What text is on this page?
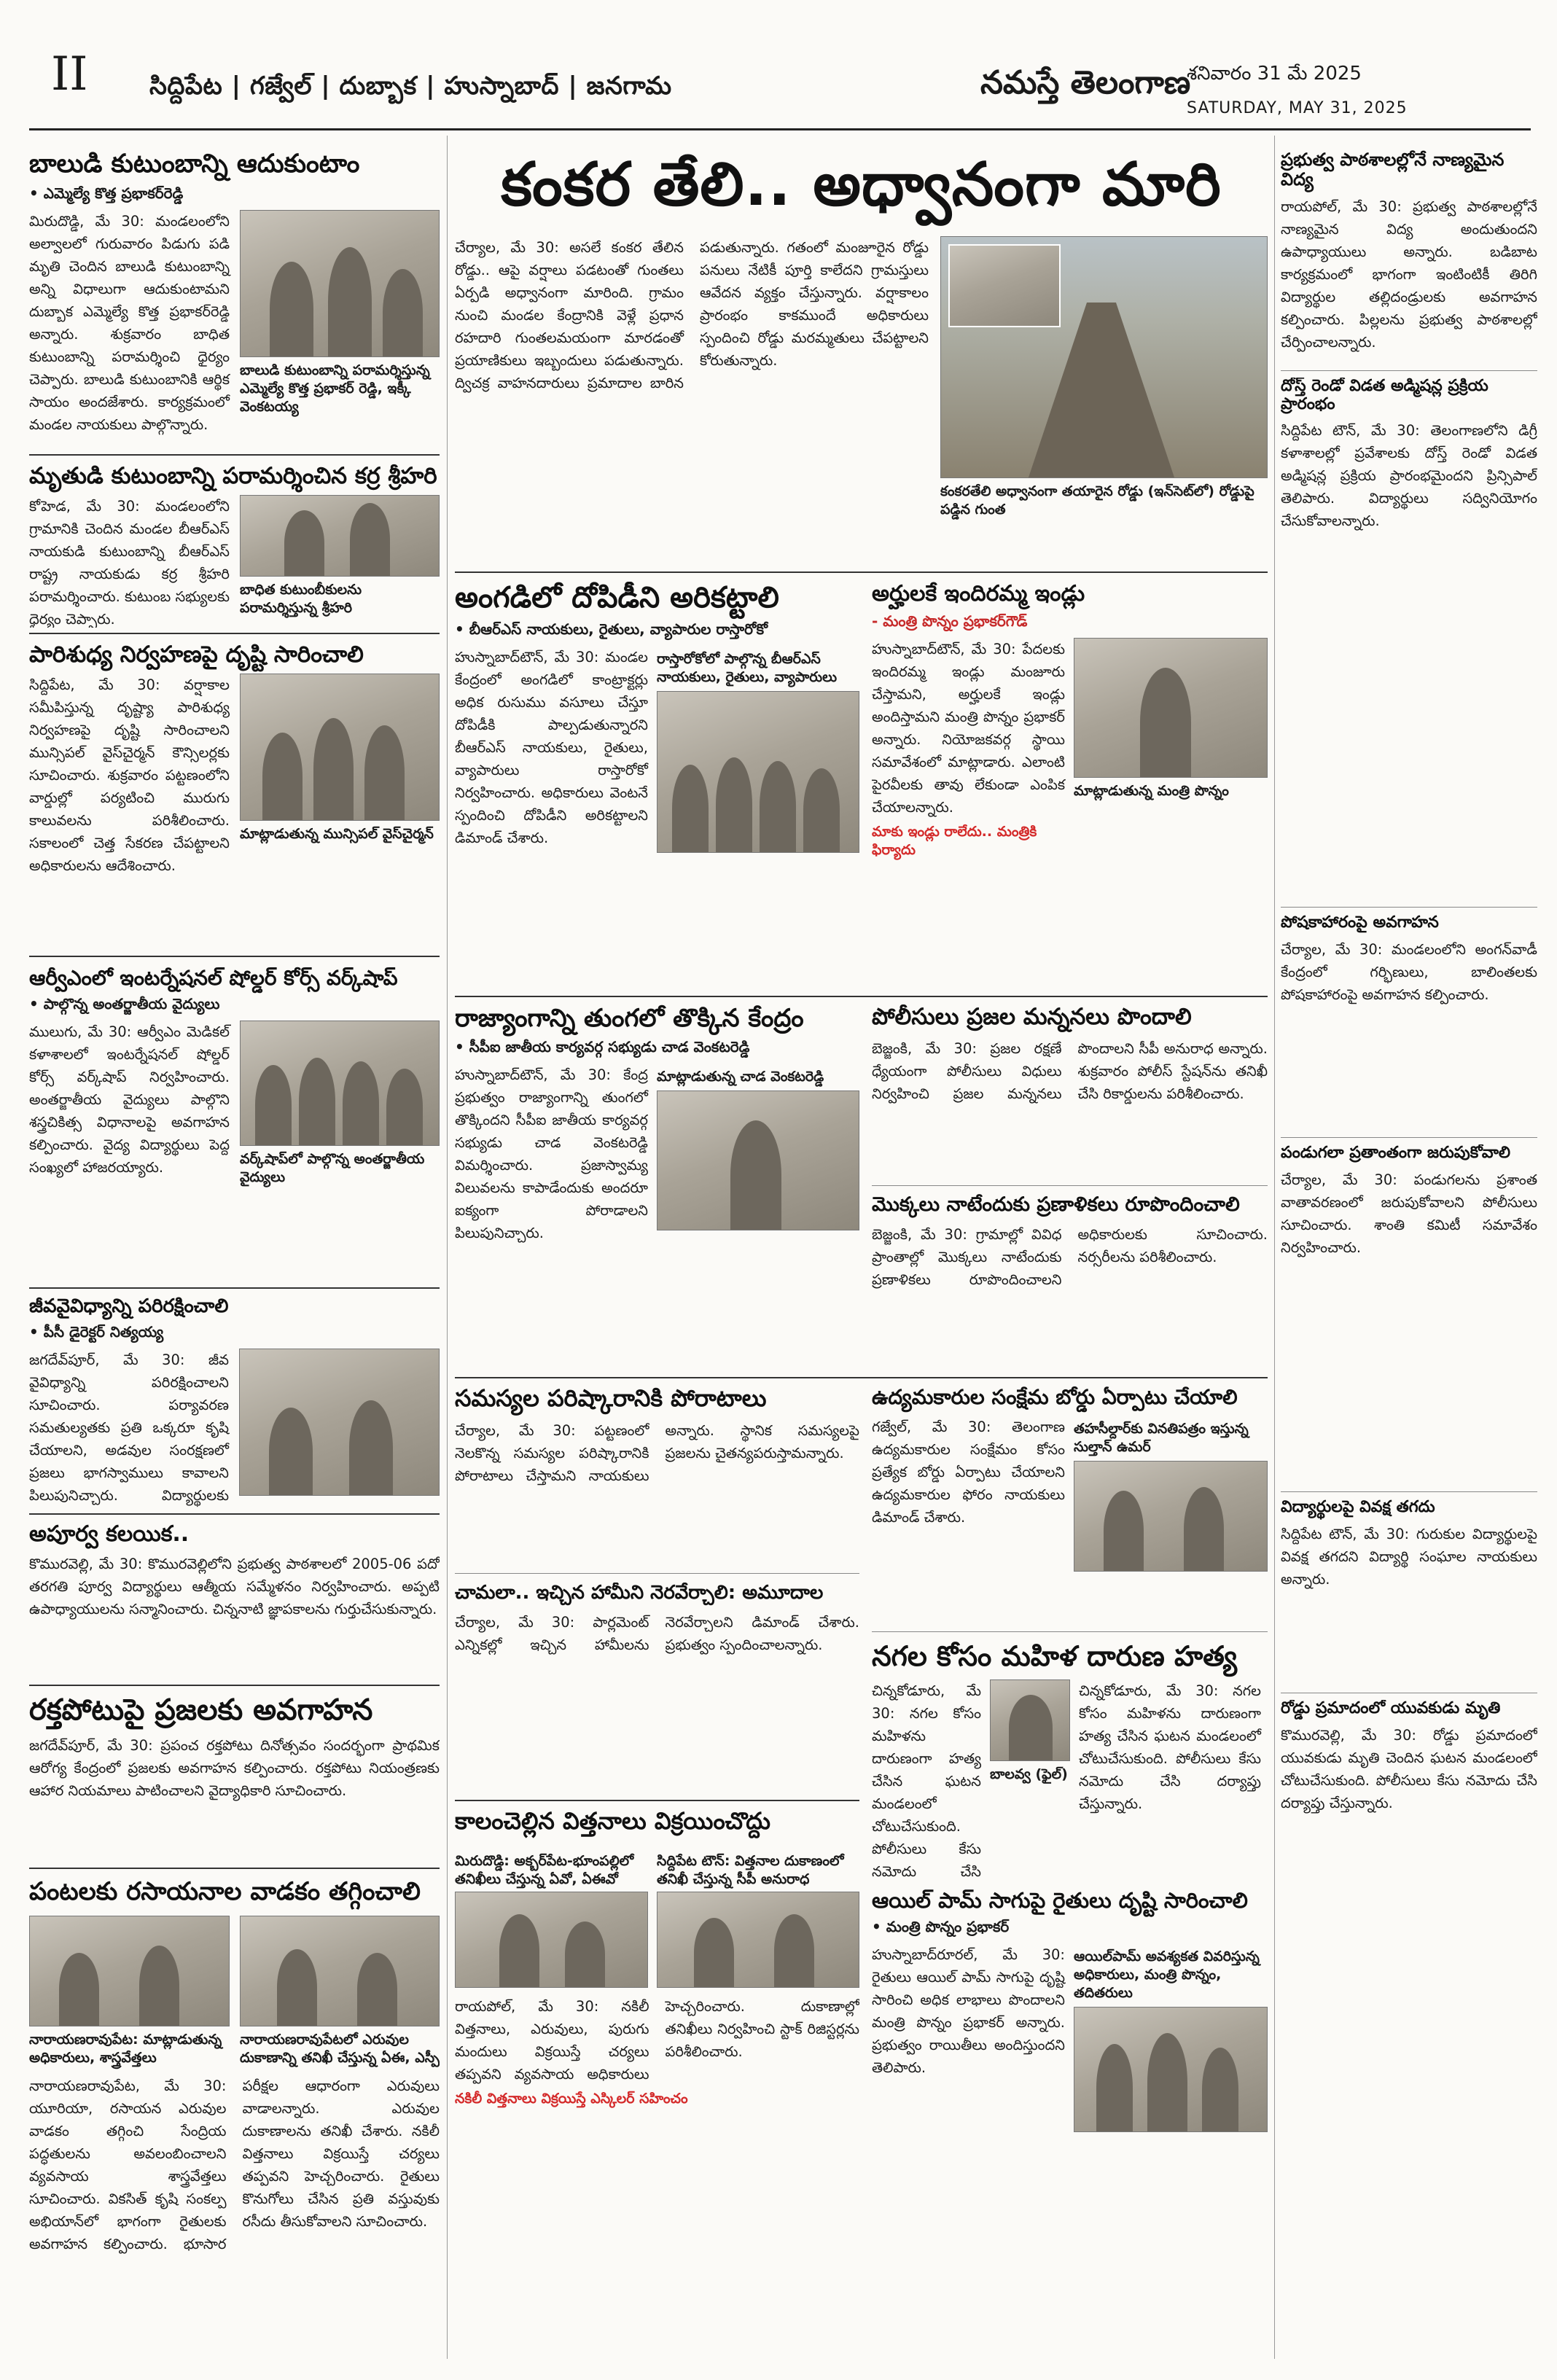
II సిద్దిపేట | గజ్వేల్ | దుబ్బాక | హుస్నాబాద్ | జనగామ	నమస్తే తెలంగాణ
శనివారం 31 మే 2025
SATURDAY, MAY 31, 2025
బాలుడి కుటుంబాన్ని ఆదుకుంటాం
• ఎమ్మెల్యే కొత్త ప్రభాకర్‌రెడ్డి

మిరుదొడ్డి, మే 30: మండలంలోని అల్వాలలో గురువారం పిడుగు పడి మృతి చెందిన బాలుడి కుటుంబాన్ని అన్ని విధాలుగా ఆదుకుంటామని దుబ్బాక ఎమ్మెల్యే కొత్త ప్రభాకర్‌రెడ్డి అన్నారు. శుక్రవారం బాధిత కుటుంబాన్ని పరామర్శించి ధైర్యం చెప్పారు. బాలుడి కుటుంబానికి ఆర్థిక సాయం అందజేశారు. కార్యక్రమంలో మండల నాయకులు పాల్గొన్నారు.

బాలుడి కుటుంబాన్ని పరామర్శిస్తున్న ఎమ్మెల్యే కొత్త ప్రభాకర్ రెడ్డి, ఇక్కీ వెంకటయ్య
మృతుడి కుటుంబాన్ని పరామర్శించిన కర్ర శ్రీహరి

కోహెడ, మే 30: మండలంలోని గ్రామానికి చెందిన మండల బీఆర్‌ఎస్ నాయకుడి కుటుంబాన్ని బీఆర్‌ఎస్ రాష్ట్ర నాయకుడు కర్ర శ్రీహరి పరామర్శించారు. కుటుంబ సభ్యులకు ధైర్యం చెప్పారు.

బాధిత కుటుంబీకులను పరామర్శిస్తున్న శ్రీహరి
పారిశుధ్య నిర్వహణపై దృష్టి సారించాలి

సిద్దిపేట, మే 30: వర్షాకాల సమీపిస్తున్న దృష్ట్యా పారిశుధ్య నిర్వహణపై దృష్టి సారించాలని మున్సిపల్ వైస్‌చైర్మన్ కౌన్సిలర్లకు సూచించారు. శుక్రవారం పట్టణంలోని వార్డుల్లో పర్యటించి మురుగు కాలువలను పరిశీలించారు. సకాలంలో చెత్త సేకరణ చేపట్టాలని అధికారులను ఆదేశించారు.

మాట్లాడుతున్న మున్సిపల్ వైస్‌చైర్మన్
ఆర్వీఎంలో ఇంటర్నేషనల్ షోల్డర్ కోర్స్ వర్క్‌షాప్
• పాల్గొన్న అంతర్జాతీయ వైద్యులు

ములుగు, మే 30: ఆర్వీఎం మెడికల్ కళాశాలలో ఇంటర్నేషనల్ షోల్డర్ కోర్స్ వర్క్‌షాప్ నిర్వహించారు. అంతర్జాతీయ వైద్యులు పాల్గొని శస్త్రచికిత్స విధానాలపై అవగాహన కల్పించారు. వైద్య విద్యార్థులు పెద్ద సంఖ్యలో హాజరయ్యారు.	వర్క్‌షాప్‌లో పాల్గొన్న అంతర్జాతీయ వైద్యులు
జీవవైవిధ్యాన్ని పరిరక్షించాలి
• పీసీ డైరెక్టర్ నిత్యయ్య

జగదేవ్‌పూర్, మే 30: జీవ వైవిధ్యాన్ని పరిరక్షించాలని సూచించారు. పర్యావరణ సమతుల్యతకు ప్రతి ఒక్కరూ కృషి చేయాలని, అడవుల సంరక్షణలో ప్రజలు భాగస్వాములు కావాలని పిలుపునిచ్చారు. విద్యార్థులకు

అపూర్వ కలయిక..

కొమురవెల్లి, మే 30: కొమురవెల్లిలోని ప్రభుత్వ పాఠశాలలో 2005-06 పదో తరగతి పూర్వ విద్యార్థులు ఆత్మీయ సమ్మేళనం నిర్వహించారు. అప్పటి ఉపాధ్యాయులను సన్మానించారు. చిన్ననాటి జ్ఞాపకాలను గుర్తుచేసుకున్నారు.

రక్తపోటుపై ప్రజలకు అవగాహన

జగదేవ్‌పూర్, మే 30: ప్రపంచ రక్తపోటు దినోత్సవం సందర్భంగా ప్రాథమిక ఆరోగ్య కేంద్రంలో ప్రజలకు అవగాహన కల్పించారు. రక్తపోటు నియంత్రణకు ఆహార నియమాలు పాటించాలని వైద్యాధికారి సూచించారు.

పంటలకు రసాయనాల వాడకం తగ్గించాలి
నారాయణరావుపేట: మాట్లాడుతున్న అధికారులు, శాస్త్రవేత్తలు
నారాయణరావుపేటలో ఎరువుల దుకాణాన్ని తనిఖీ చేస్తున్న ఏఈ, ఎస్పీ

నారాయణరావుపేట, మే 30: యూరియా, రసాయన ఎరువుల వాడకం తగ్గించి సేంద్రియ పద్ధతులను అవలంబించాలని వ్యవసాయ శాస్త్రవేత్తలు సూచించారు. వికసిత్ కృషి సంకల్ప అభియాన్‌లో భాగంగా రైతులకు అవగాహన కల్పించారు. భూసార పరీక్షల ఆధారంగా ఎరువులు వాడాలన్నారు. ఎరువుల దుకాణాలను తనిఖీ చేశారు. నకిలీ విత్తనాలు విక్రయిస్తే చర్యలు తప్పవని హెచ్చరించారు. రైతులు కొనుగోలు చేసిన ప్రతి వస్తువుకు రసీదు తీసుకోవాలని సూచించారు.

కంకర తేలి.. అధ్వానంగా మారి

చేర్యాల, మే 30: అసలే కంకర తేలిన రోడ్డు.. ఆపై వర్షాలు పడటంతో గుంతలు ఏర్పడి అధ్వానంగా మారింది. గ్రామం నుంచి మండల కేంద్రానికి వెళ్లే ప్రధాన రహదారి గుంతలమయంగా మారడంతో ప్రయాణికులు ఇబ్బందులు పడుతున్నారు. ద్విచక్ర వాహనదారులు ప్రమాదాల బారిన పడుతున్నారు. గతంలో మంజూరైన రోడ్డు పనులు నేటికీ పూర్తి కాలేదని గ్రామస్తులు ఆవేదన వ్యక్తం చేస్తున్నారు. వర్షాకాలం ప్రారంభం కాకముందే అధికారులు స్పందించి రోడ్డు మరమ్మతులు చేపట్టాలని కోరుతున్నారు.

కంకరతేలి అధ్వానంగా తయారైన రోడ్డు (ఇన్‌సెట్‌లో) రోడ్డుపై పడ్డిన గుంత
అంగడిలో దోపిడీని అరికట్టాలి
• బీఆర్‌ఎస్ నాయకులు, రైతులు, వ్యాపారుల రాస్తారోకో

హుస్నాబాద్‌టౌన్, మే 30: మండల కేంద్రంలో అంగడిలో కాంట్రాక్టర్లు అధిక రుసుము వసూలు చేస్తూ దోపిడీకి పాల్పడుతున్నారని బీఆర్‌ఎస్ నాయకులు, రైతులు, వ్యాపారులు రాస్తారోకో నిర్వహించారు. అధికారులు వెంటనే స్పందించి దోపిడీని అరికట్టాలని డిమాండ్ చేశారు.

రాస్తారోకోలో పాల్గొన్న బీఆర్‌ఎస్ నాయకులు, రైతులు, వ్యాపారులు
అర్హులకే ఇందిరమ్మ ఇండ్లు
- మంత్రి పొన్నం ప్రభాకర్‌గౌడ్

హుస్నాబాద్‌టౌన్, మే 30: పేదలకు ఇందిరమ్మ ఇండ్లు మంజూరు చేస్తామని, అర్హులకే ఇండ్లు అందిస్తామని మంత్రి పొన్నం ప్రభాకర్ అన్నారు. నియోజకవర్గ స్థాయి సమావేశంలో మాట్లాడారు. ఎలాంటి పైరవీలకు తావు లేకుండా ఎంపిక చేయాలన్నారు.

మాకు ఇండ్లు రాలేదు.. మంత్రికి ఫిర్యాదు
మాట్లాడుతున్న మంత్రి పొన్నం
రాజ్యాంగాన్ని తుంగలో తొక్కిన కేంద్రం
• సీపీఐ జాతీయ కార్యవర్గ సభ్యుడు చాడ వెంకటరెడ్డి

హుస్నాబాద్‌టౌన్, మే 30: కేంద్ర ప్రభుత్వం రాజ్యాంగాన్ని తుంగలో తొక్కిందని సీపీఐ జాతీయ కార్యవర్గ సభ్యుడు చాడ వెంకటరెడ్డి విమర్శించారు. ప్రజాస్వామ్య విలువలను కాపాడేందుకు అందరూ ఐక్యంగా పోరాడాలని పిలుపునిచ్చారు.

మాట్లాడుతున్న చాడ వెంకటరెడ్డి
పోలీసులు ప్రజల మన్ననలు పొందాలి

బెజ్జంకి, మే 30: ప్రజల రక్షణే ధ్యేయంగా పోలీసులు విధులు నిర్వహించి ప్రజల మన్ననలు పొందాలని సీపీ అనురాధ అన్నారు. శుక్రవారం పోలీస్ స్టేషన్‌ను తనిఖీ చేసి రికార్డులను పరిశీలించారు.

మొక్కలు నాటేందుకు ప్రణాళికలు రూపొందించాలి

బెజ్జంకి, మే 30: గ్రామాల్లో వివిధ ప్రాంతాల్లో మొక్కలు నాటేందుకు ప్రణాళికలు రూపొందించాలని అధికారులకు సూచించారు. నర్సరీలను పరిశీలించారు.

సమస్యల పరిష్కారానికి పోరాటాలు

చేర్యాల, మే 30: పట్టణంలో నెలకొన్న సమస్యల పరిష్కారానికి పోరాటాలు చేస్తామని నాయకులు అన్నారు. స్థానిక సమస్యలపై ప్రజలను చైతన్యపరుస్తామన్నారు.

ఉద్యమకారుల సంక్షేమ బోర్డు ఏర్పాటు చేయాలి

గజ్వేల్, మే 30: తెలంగాణ ఉద్యమకారుల సంక్షేమం కోసం ప్రత్యేక బోర్డు ఏర్పాటు చేయాలని ఉద్యమకారుల ఫోరం నాయకులు డిమాండ్ చేశారు.

తహసీల్దార్‌కు వినతిపత్రం ఇస్తున్న సుల్తాన్ ఉమర్
చామలా.. ఇచ్చిన హామీని నెరవేర్చాలి: అమూదాల

చేర్యాల, మే 30: పార్లమెంట్ ఎన్నికల్లో ఇచ్చిన హామీలను నెరవేర్చాలని డిమాండ్ చేశారు. ప్రభుత్వం స్పందించాలన్నారు.	నగల కోసం మహిళ దారుణ హత్య

చిన్నకోడూరు, మే 30: నగల కోసం మహిళను దారుణంగా హత్య చేసిన ఘటన మండలంలో చోటుచేసుకుంది. పోలీసులు కేసు నమోదు చేసి

బాలవ్వ (ఫైల్)

చిన్నకోడూరు, మే 30: నగల కోసం మహిళను దారుణంగా హత్య చేసిన ఘటన మండలంలో చోటుచేసుకుంది. పోలీసులు కేసు నమోదు చేసి దర్యాప్తు చేస్తున్నారు.

కాలంచెల్లిన విత్తనాలు విక్రయించొద్దు
మిరుదొడ్డి: అక్బర్‌పేట-భూంపల్లిలో తనిఖీలు చేస్తున్న ఏవో, ఏఈవో
సిద్దిపేట టౌన్: విత్తనాల దుకాణంలో తనిఖీ చేస్తున్న సీపీ అనురాధ

రాయపోల్, మే 30: నకిలీ విత్తనాలు, ఎరువులు, పురుగు మందులు విక్రయిస్తే చర్యలు తప్పవని వ్యవసాయ అధికారులు హెచ్చరించారు. దుకాణాల్లో తనిఖీలు నిర్వహించి స్టాక్ రిజిస్టర్లను పరిశీలించారు.

నకిలీ విత్తనాలు విక్రయిస్తే ఎస్కిలర్ సహించం
ఆయిల్ పామ్ సాగుపై రైతులు దృష్టి సారించాలి
• మంత్రి పొన్నం ప్రభాకర్

హుస్నాబాద్‌రూరల్, మే 30: రైతులు ఆయిల్ పామ్ సాగుపై దృష్టి సారించి అధిక లాభాలు పొందాలని మంత్రి పొన్నం ప్రభాకర్ అన్నారు. ప్రభుత్వం రాయితీలు అందిస్తుందని తెలిపారు.

ఆయిల్‌పామ్ అవశ్యకత వివరిస్తున్న అధికారులు, మంత్రి పొన్నం, తదితరులు
ప్రభుత్వ పాఠశాలల్లోనే నాణ్యమైన విద్య

రాయపోల్, మే 30: ప్రభుత్వ పాఠశాలల్లోనే నాణ్యమైన విద్య అందుతుందని ఉపాధ్యాయులు అన్నారు. బడిబాట కార్యక్రమంలో భాగంగా ఇంటింటికీ తిరిగి విద్యార్థుల తల్లిదండ్రులకు అవగాహన కల్పించారు. పిల్లలను ప్రభుత్వ పాఠశాలల్లో చేర్పించాలన్నారు.

దోస్త్ రెండో విడత అడ్మిషన్ల ప్రక్రియ ప్రారంభం

సిద్దిపేట టౌన్, మే 30: తెలంగాణలోని డిగ్రీ కళాశాలల్లో ప్రవేశాలకు దోస్త్ రెండో విడత అడ్మిషన్ల ప్రక్రియ ప్రారంభమైందని ప్రిన్సిపాల్ తెలిపారు. విద్యార్థులు సద్వినియోగం చేసుకోవాలన్నారు.

పోషకాహారంపై అవగాహన

చేర్యాల, మే 30: మండలంలోని అంగన్‌వాడీ కేంద్రంలో గర్భిణులు, బాలింతలకు పోషకాహారంపై అవగాహన కల్పించారు.

పండుగలా ప్రతాంతంగా జరుపుకోవాలి

చేర్యాల, మే 30: పండుగలను ప్రశాంత వాతావరణంలో జరుపుకోవాలని పోలీసులు సూచించారు. శాంతి కమిటీ సమావేశం నిర్వహించారు.

విద్యార్థులపై వివక్ష తగదు

సిద్దిపేట టౌన్, మే 30: గురుకుల విద్యార్థులపై వివక్ష తగదని విద్యార్థి సంఘాల నాయకులు అన్నారు.

రోడ్డు ప్రమాదంలో యువకుడు మృతి

కొమురవెల్లి, మే 30: రోడ్డు ప్రమాదంలో యువకుడు మృతి చెందిన ఘటన మండలంలో చోటుచేసుకుంది. పోలీసులు కేసు నమోదు చేసి దర్యాప్తు చేస్తున్నారు.
